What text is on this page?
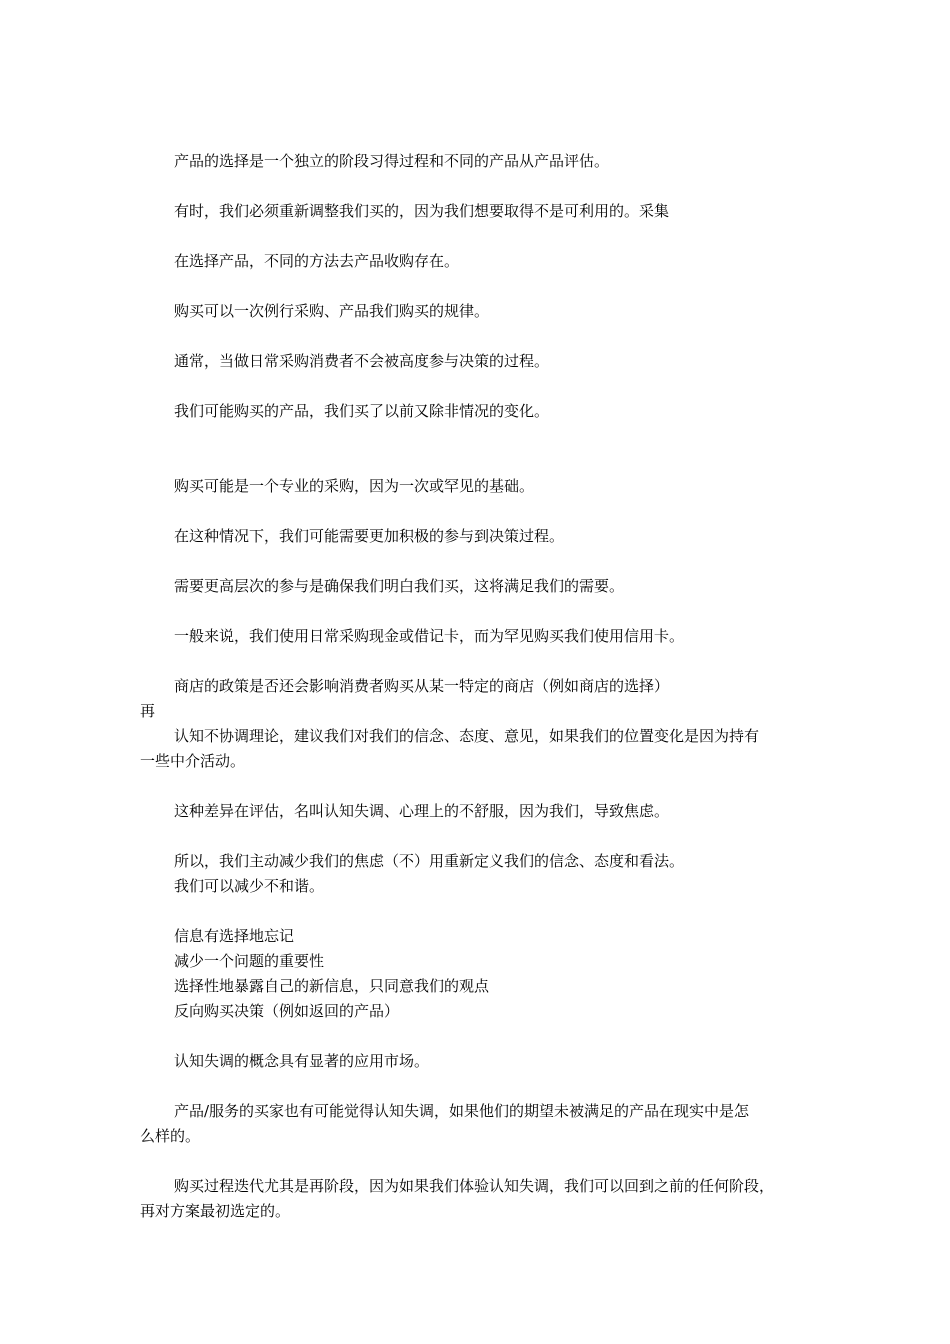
产品的选择是一个独立的阶段习得过程和不同的产品从产品评估。
有时，我们必须重新调整我们买的，因为我们想要取得不是可利用的。采集
在选择产品，不同的方法去产品收购存在。
购买可以一次例行采购、产品我们购买的规律。
通常，当做日常采购消费者不会被高度参与决策的过程。
我们可能购买的产品，我们买了以前又除非情况的变化。
购买可能是一个专业的采购，因为一次或罕见的基础。
在这种情况下，我们可能需要更加积极的参与到决策过程。
需要更高层次的参与是确保我们明白我们买，这将满足我们的需要。
一般来说，我们使用日常采购现金或借记卡，而为罕见购买我们使用信用卡。
商店的政策是否还会影响消费者购买从某一特定的商店（例如商店的选择）
再
认知不协调理论，建议我们对我们的信念、态度、意见，如果我们的位置变化是因为持有
一些中介活动。
这种差异在评估，名叫认知失调、心理上的不舒服，因为我们，导致焦虑。
所以，我们主动减少我们的焦虑（不）用重新定义我们的信念、态度和看法。
我们可以减少不和谐。
信息有选择地忘记
减少一个问题的重要性
选择性地暴露自己的新信息，只同意我们的观点
反向购买决策（例如返回的产品）
认知失调的概念具有显著的应用市场。
产品/服务的买家也有可能觉得认知失调，如果他们的期望未被满足的产品在现实中是怎
么样的。
购买过程迭代尤其是再阶段，因为如果我们体验认知失调，我们可以回到之前的任何阶段，
再对方案最初选定的。
